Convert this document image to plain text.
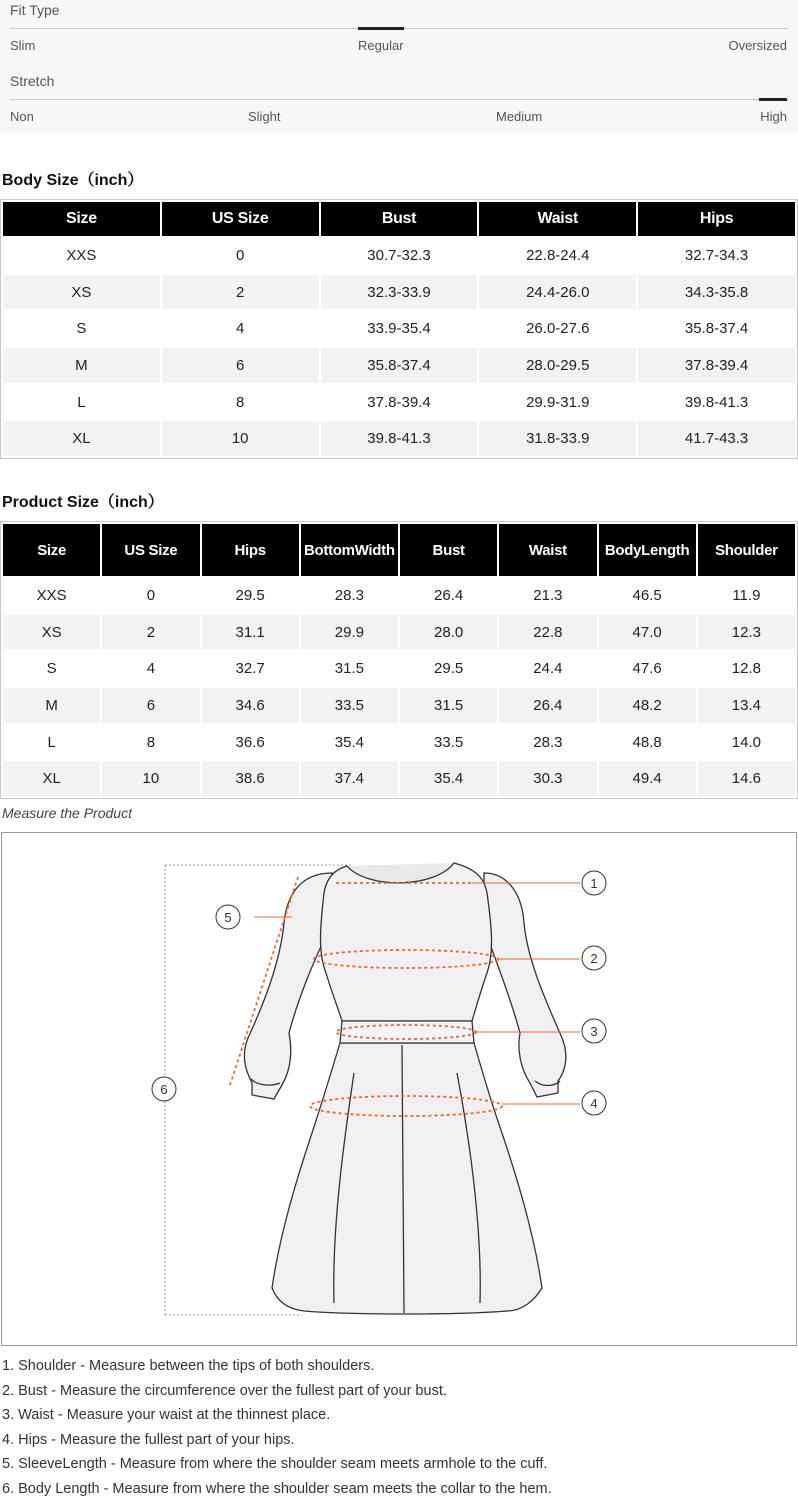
Fit Type
Slim	Regular	Oversized
Stretch
Non	Slight	Medium	High
Body Size（inch）
Size	US Size	Bust	Waist	Hips
XXS	0	30.7-32.3	22.8-24.4	32.7-34.3
XS	2	32.3-33.9	24.4-26.0	34.3-35.8
S	4	33.9-35.4	26.0-27.6	35.8-37.4
M	6	35.8-37.4	28.0-29.5	37.8-39.4
L	8	37.8-39.4	29.9-31.9	39.8-41.3
XL	10	39.8-41.3	31.8-33.9	41.7-43.3
Product Size（inch）
Size	US Size	Hips	BottomWidth	Bust	Waist	BodyLength	Shoulder
XXS	0	29.5	28.3	26.4	21.3	46.5	11.9
XS	2	31.1	29.9	28.0	22.8	47.0	12.3
S	4	32.7	31.5	29.5	24.4	47.6	12.8
M	6	34.6	33.5	31.5	26.4	48.2	13.4
L	8	36.6	35.4	33.5	28.3	48.8	14.0
XL	10	38.6	37.4	35.4	30.3	49.4	14.6
Measure the Product
1
2
3
4
5
6
1. Shoulder - Measure between the tips of both shoulders.
2. Bust - Measure the circumference over the fullest part of your bust.
3. Waist - Measure your waist at the thinnest place.
4. Hips - Measure the fullest part of your hips.
5. SleeveLength - Measure from where the shoulder seam meets armhole to the cuff.
6. Body Length - Measure from where the shoulder seam meets the collar to the hem.
